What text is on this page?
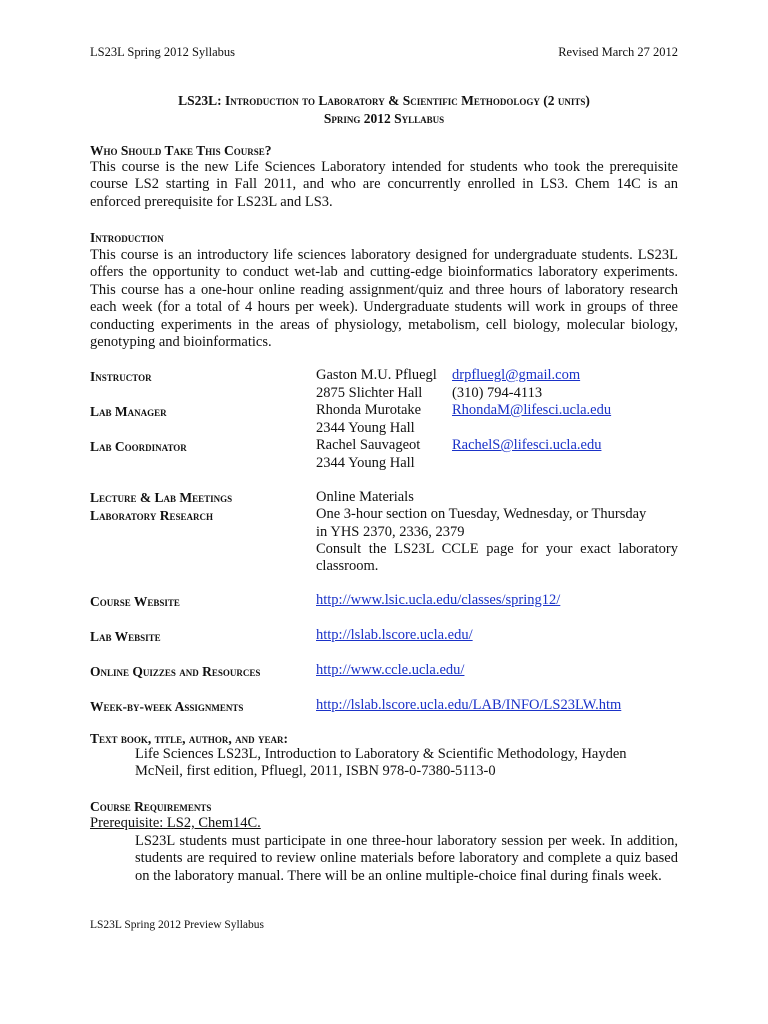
LS23L Spring 2012 Syllabus	Revised March 27 2012
LS23L: Introduction to Laboratory & Scientific Methodology (2 units)
Spring 2012 Syllabus
Who Should Take This Course?
This course is the new Life Sciences Laboratory intended for students who took the prerequisite course LS2 starting in Fall 2011, and who are concurrently enrolled in LS3. Chem 14C is an enforced prerequisite for LS23L and LS3.
Introduction
This course is an introductory life sciences laboratory designed for undergraduate students. LS23L offers the opportunity to conduct wet-lab and cutting-edge bioinformatics laboratory experiments. This course has a one-hour online reading assignment/quiz and three hours of laboratory research each week (for a total of 4 hours per week). Undergraduate students will work in groups of three conducting experiments in the areas of physiology, metabolism, cell biology, molecular biology, genotyping and bioinformatics.
Instructor	Gaston M.U. Pfluegl drpfluegl@gmail.com
2875 Slichter Hall (310) 794-4113
Lab Manager	Rhonda Murotake RhondaM@lifesci.ucla.edu
2344 Young Hall
Lab Coordinator	Rachel Sauvageot RachelS@lifesci.ucla.edu
2344 Young Hall
Lecture & Lab Meetings	Online Materials
Laboratory Research	One 3-hour section on Tuesday, Wednesday, or Thursday
in YHS 2370, 2336, 2379
Consult the LS23L CCLE page for your exact laboratory classroom.
Course Website	http://www.lsic.ucla.edu/classes/spring12/
Lab Website	http://lslab.lscore.ucla.edu/
Online Quizzes and Resources	http://www.ccle.ucla.edu/
Week-by-week Assignments	http://lslab.lscore.ucla.edu/LAB/INFO/LS23LW.htm
Text book, title, author, and year:
Life Sciences LS23L, Introduction to Laboratory & Scientific Methodology, Hayden McNeil, first edition, Pfluegl, 2011, ISBN 978-0-7380-5113-0
Course Requirements
Prerequisite: LS2, Chem14C.
LS23L students must participate in one three-hour laboratory session per week. In addition, students are required to review online materials before laboratory and complete a quiz based on the laboratory manual. There will be an online multiple-choice final during finals week.
LS23L Spring 2012 Preview Syllabus
